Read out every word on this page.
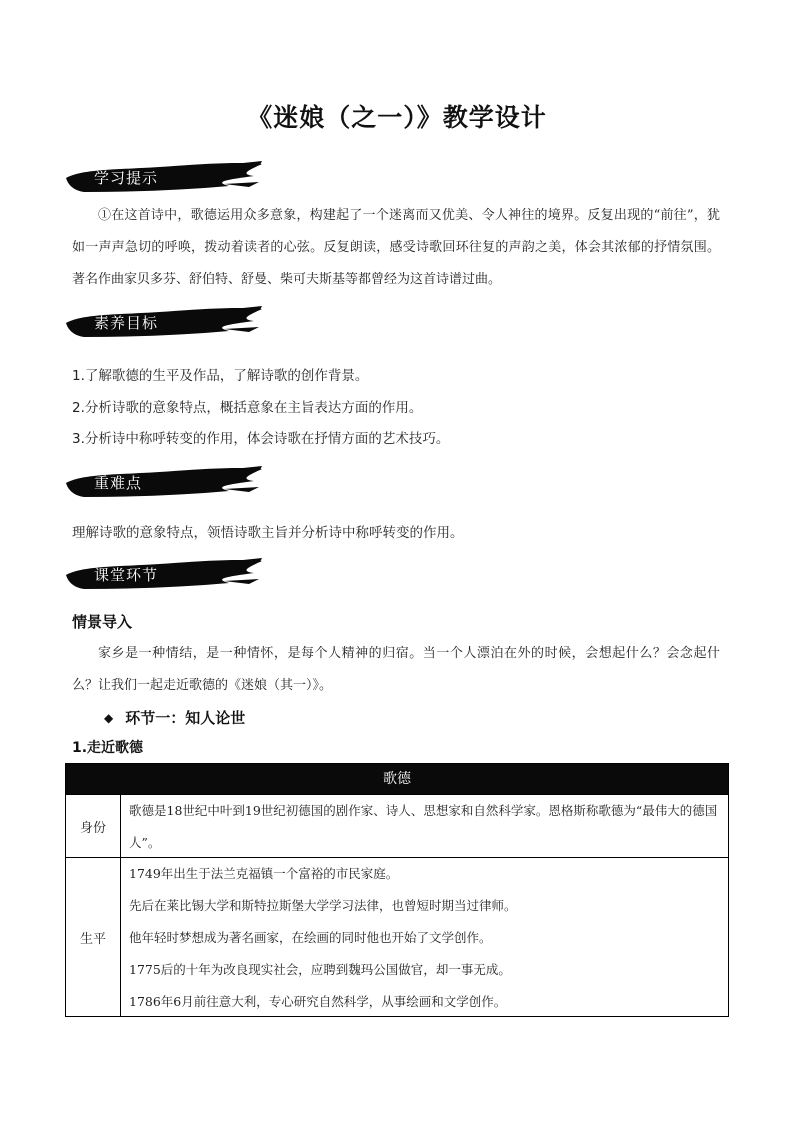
《迷娘（之一）》教学设计
学习提示
①在这首诗中，歌德运用众多意象，构建起了一个迷离而又优美、令人神往的境界。反复出现的“前往”，犹如一声声急切的呼唤，拨动着读者的心弦。反复朗读，感受诗歌回环往复的声韵之美，体会其浓郁的抒情氛围。著名作曲家贝多芬、舒伯特、舒曼、柴可夫斯基等都曾经为这首诗谱过曲。
素养目标
1.了解歌德的生平及作品，了解诗歌的创作背景。
2.分析诗歌的意象特点，概括意象在主旨表达方面的作用。
3.分析诗中称呼转变的作用，体会诗歌在抒情方面的艺术技巧。
重难点
理解诗歌的意象特点，领悟诗歌主旨并分析诗中称呼转变的作用。
课堂环节
情景导入
家乡是一种情结，是一种情怀，是每个人精神的归宿。当一个人漂泊在外的时候，会想起什么？会念起什么？让我们一起走近歌德的《迷娘（其一）》。
◆ 环节一：知人论世
1.走近歌德
歌德
身份

歌德是18世纪中叶到19世纪初德国的剧作家、诗人、思想家和自然科学家。恩格斯称歌德为“最伟大的德国人”。

生平

1749年出生于法兰克福镇一个富裕的市民家庭。

先后在莱比锡大学和斯特拉斯堡大学学习法律，也曾短时期当过律师。

他年轻时梦想成为著名画家，在绘画的同时他也开始了文学创作。

1775后的十年为改良现实社会，应聘到魏玛公国做官，却一事无成。

1786年6月前往意大利，专心研究自然科学，从事绘画和文学创作。
